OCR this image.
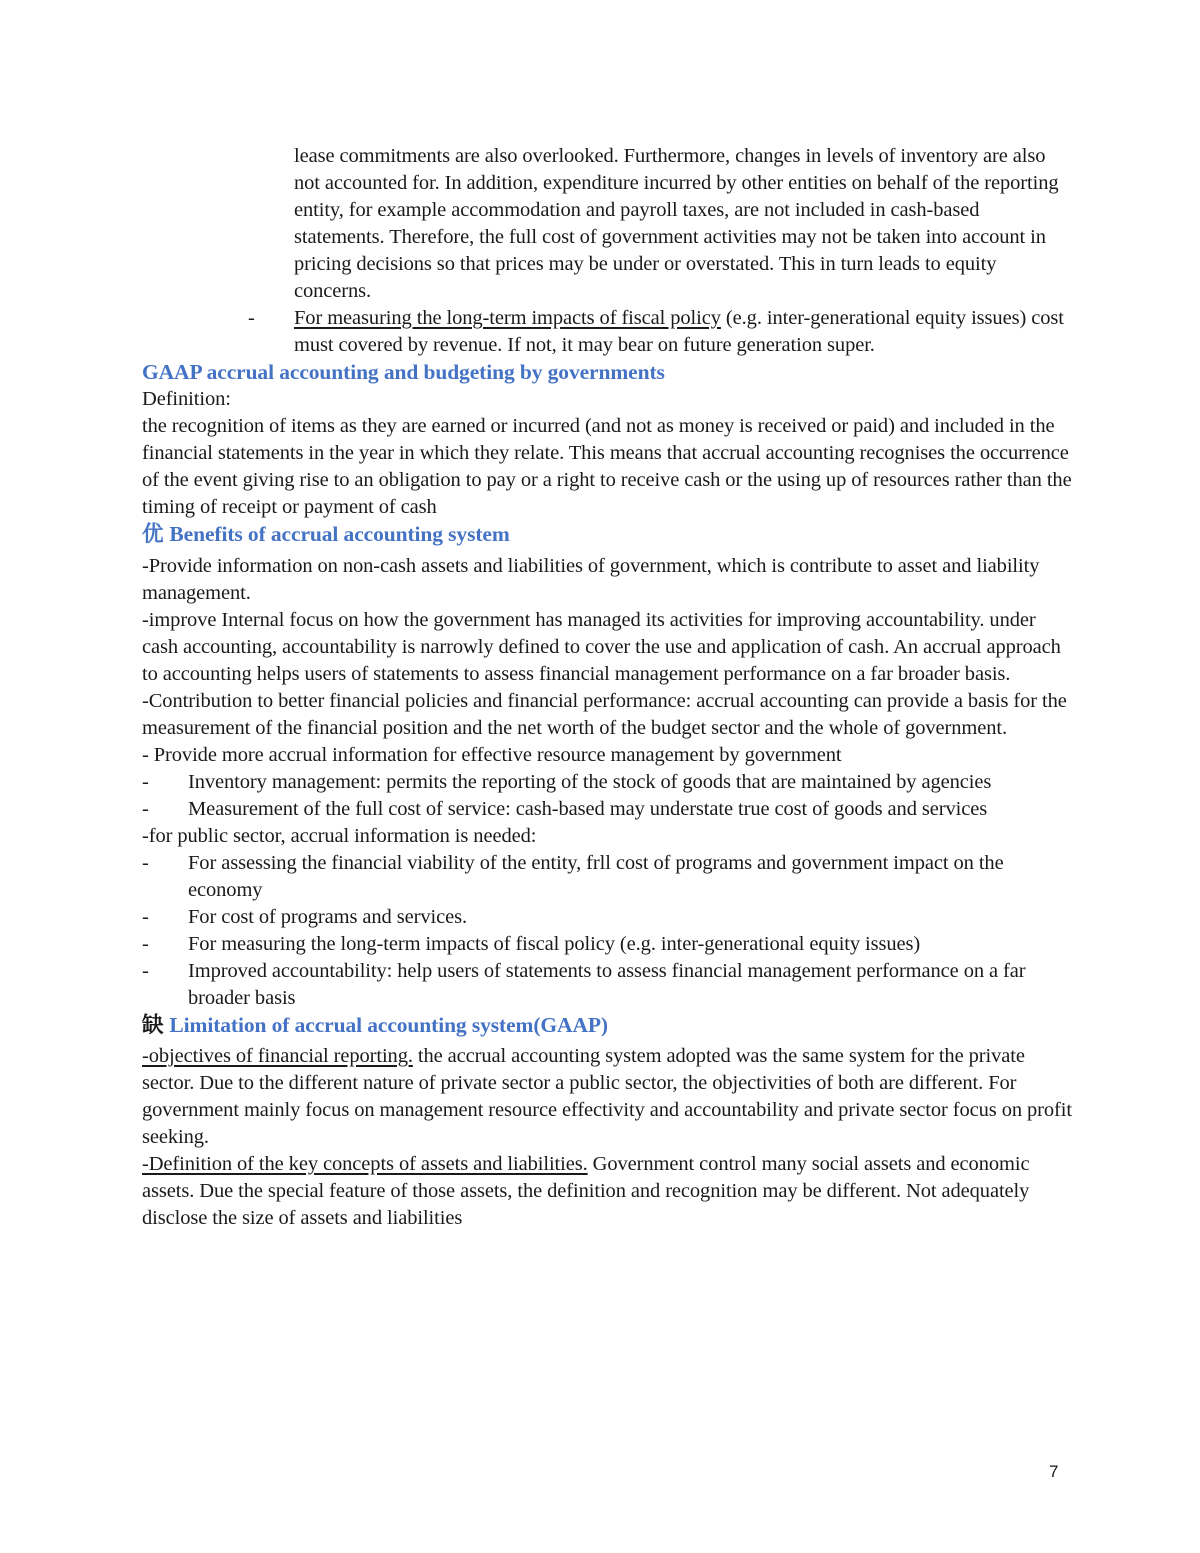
lease commitments are also overlooked. Furthermore, changes in levels of inventory are also not accounted for. In addition, expenditure incurred by other entities on behalf of the reporting entity, for example accommodation and payroll taxes, are not included in cash-based statements. Therefore, the full cost of government activities may not be taken into account in pricing decisions so that prices may be under or overstated. This in turn leads to equity concerns.

- For measuring the long-term impacts of fiscal policy (e.g. inter-generational equity issues) cost must covered by revenue. If not, it may bear on future generation super.
GAAP accrual accounting and budgeting by governments

Definition:

the recognition of items as they are earned or incurred (and not as money is received or paid) and included in the financial statements in the year in which they relate. This means that accrual accounting recognises the occurrence of the event giving rise to an obligation to pay or a right to receive cash or the using up of resources rather than the timing of receipt or payment of cash

优 Benefits of accrual accounting system

-Provide information on non-cash assets and liabilities of government, which is contribute to asset and liability management.

-improve Internal focus on how the government has managed its activities for improving accountability. under cash accounting, accountability is narrowly defined to cover the use and application of cash. An accrual approach to accounting helps users of statements to assess financial management performance on a far broader basis.

-Contribution to better financial policies and financial performance: accrual accounting can provide a basis for the measurement of the financial position and the net worth of the budget sector and the whole of government.

- Provide more accrual information for effective resource management by government

- Inventory management: permits the reporting of the stock of goods that are maintained by agencies
- Measurement of the full cost of service: cash-based may understate true cost of goods and services

-for public sector, accrual information is needed:

- For assessing the financial viability of the entity, frll cost of programs and government impact on the economy
- For cost of programs and services.
- For measuring the long-term impacts of fiscal policy (e.g. inter-generational equity issues)
- Improved accountability: help users of statements to assess financial management performance on a far broader basis
缺 Limitation of accrual accounting system(GAAP)

-objectives of financial reporting. the accrual accounting system adopted was the same system for the private sector. Due to the different nature of private sector a public sector, the objectivities of both are different. For government mainly focus on management resource effectivity and accountability and private sector focus on profit seeking.

-Definition of the key concepts of assets and liabilities. Government control many social assets and economic assets. Due the special feature of those assets, the definition and recognition may be different. Not adequately disclose the size of assets and liabilities

7
